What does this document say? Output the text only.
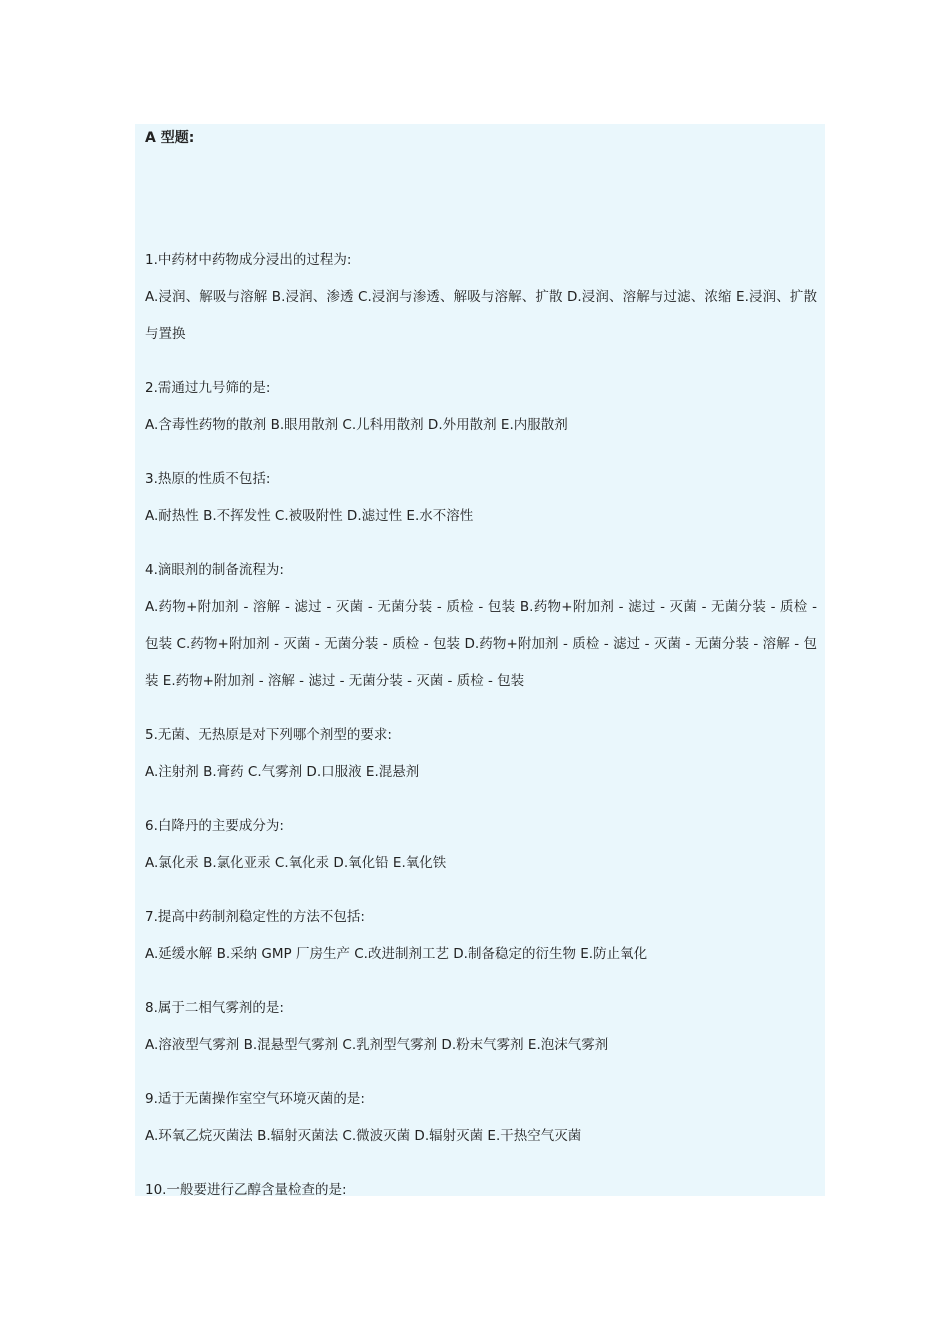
A 型题:

1.中药材中药物成分浸出的过程为:

A.浸润、解吸与溶解 B.浸润、渗透 C.浸润与渗透、解吸与溶解、扩散 D.浸润、溶解与过滤、浓缩 E.浸润、扩散与置换

2.需通过九号筛的是:

A.含毒性药物的散剂 B.眼用散剂 C.儿科用散剂 D.外用散剂 E.内服散剂

3.热原的性质不包括:

A.耐热性 B.不挥发性 C.被吸附性 D.滤过性 E.水不溶性

4.滴眼剂的制备流程为:

A.药物+附加剂 - 溶解 - 滤过 - 灭菌 - 无菌分装 - 质检 - 包装 B.药物+附加剂 - 滤过 - 灭菌 - 无菌分装 - 质检 - 包装 C.药物+附加剂 - 灭菌 - 无菌分装 - 质检 - 包装 D.药物+附加剂 - 质检 - 滤过 - 灭菌 - 无菌分装 - 溶解 - 包装 E.药物+附加剂 - 溶解 - 滤过 - 无菌分装 - 灭菌 - 质检 - 包装

5.无菌、无热原是对下列哪个剂型的要求:

A.注射剂 B.膏药 C.气雾剂 D.口服液 E.混悬剂

6.白降丹的主要成分为:

A.氯化汞 B.氯化亚汞 C.氧化汞 D.氧化铅 E.氧化铁

7.提高中药制剂稳定性的方法不包括:

A.延缓水解 B.采纳 GMP 厂房生产 C.改进制剂工艺 D.制备稳定的衍生物 E.防止氧化

8.属于二相气雾剂的是:

A.溶液型气雾剂 B.混悬型气雾剂 C.乳剂型气雾剂 D.粉末气雾剂 E.泡沫气雾剂

9.适于无菌操作室空气环境灭菌的是:

A.环氧乙烷灭菌法 B.辐射灭菌法 C.微波灭菌 D.辐射灭菌 E.干热空气灭菌

10.一般要进行乙醇含量检查的是:
